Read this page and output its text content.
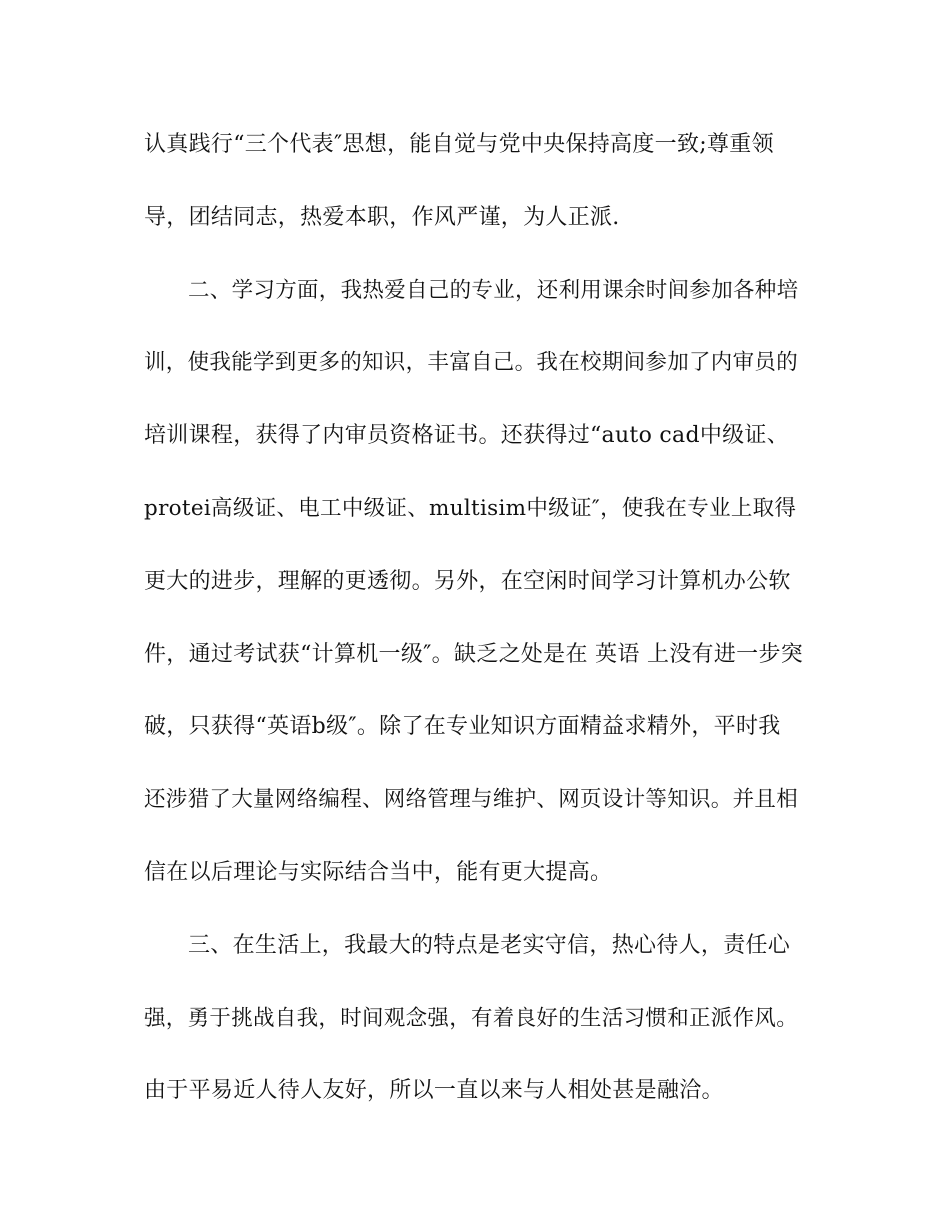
认真践行“三个代表″思想，能自觉与党中央保持高度一致;尊重领

导，团结同志，热爱本职，作风严谨，为人正派.

二、学习方面，我热爱自己的专业，还利用课余时间参加各种培

训，使我能学到更多的知识，丰富自己。我在校期间参加了内审员的

培训课程，获得了内审员资格证书。还获得过“auto cad中级证、

protei高级证、电工中级证、multisim中级证″，使我在专业上取得

更大的进步，理解的更透彻。另外，在空闲时间学习计算机办公软

件，通过考试获“计算机一级″。缺乏之处是在 英语 上没有进一步突

破，只获得“英语b级″。除了在专业知识方面精益求精外，平时我

还涉猎了大量网络编程、网络管理与维护、网页设计等知识。并且相

信在以后理论与实际结合当中，能有更大提高。

三、在生活上，我最大的特点是老实守信，热心待人，责任心

强，勇于挑战自我，时间观念强，有着良好的生活习惯和正派作风。

由于平易近人待人友好，所以一直以来与人相处甚是融洽。
